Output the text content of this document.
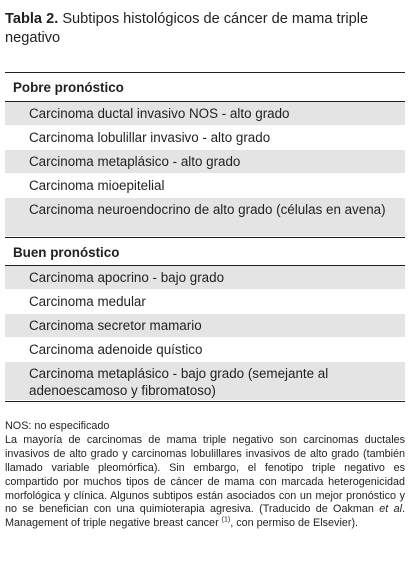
Tabla 2. Subtipos histológicos de cáncer de mama triple negativo
Pobre pronóstico
Carcinoma ductal invasivo NOS - alto grado
Carcinoma lobulillar invasivo - alto grado
Carcinoma metaplásico - alto grado
Carcinoma mioepitelial
Carcinoma neuroendocrino de alto grado (células en avena)
Buen pronóstico
Carcinoma apocrino - bajo grado
Carcinoma medular
Carcinoma secretor mamario
Carcinoma adenoide quístico
Carcinoma metaplásico - bajo grado (semejante al adenoescamoso y fibromatoso)

NOS: no especificado

La mayoría de carcinomas de mama triple negativo son carcinomas ductales invasivos de alto grado y carcinomas lobulillares invasivos de alto grado (también llamado variable pleomórfica). Sin embargo, el fenotipo triple negativo es compartido por muchos tipos de cáncer de mama con marcada heterogenicidad morfológica y clínica. Algunos subtipos están asociados con un mejor pronóstico y no se benefician con una quimioterapia agresiva. (Traducido de Oakman et al. Management of triple negative breast cancer $^{(1)}$, con permiso de Elsevier).
